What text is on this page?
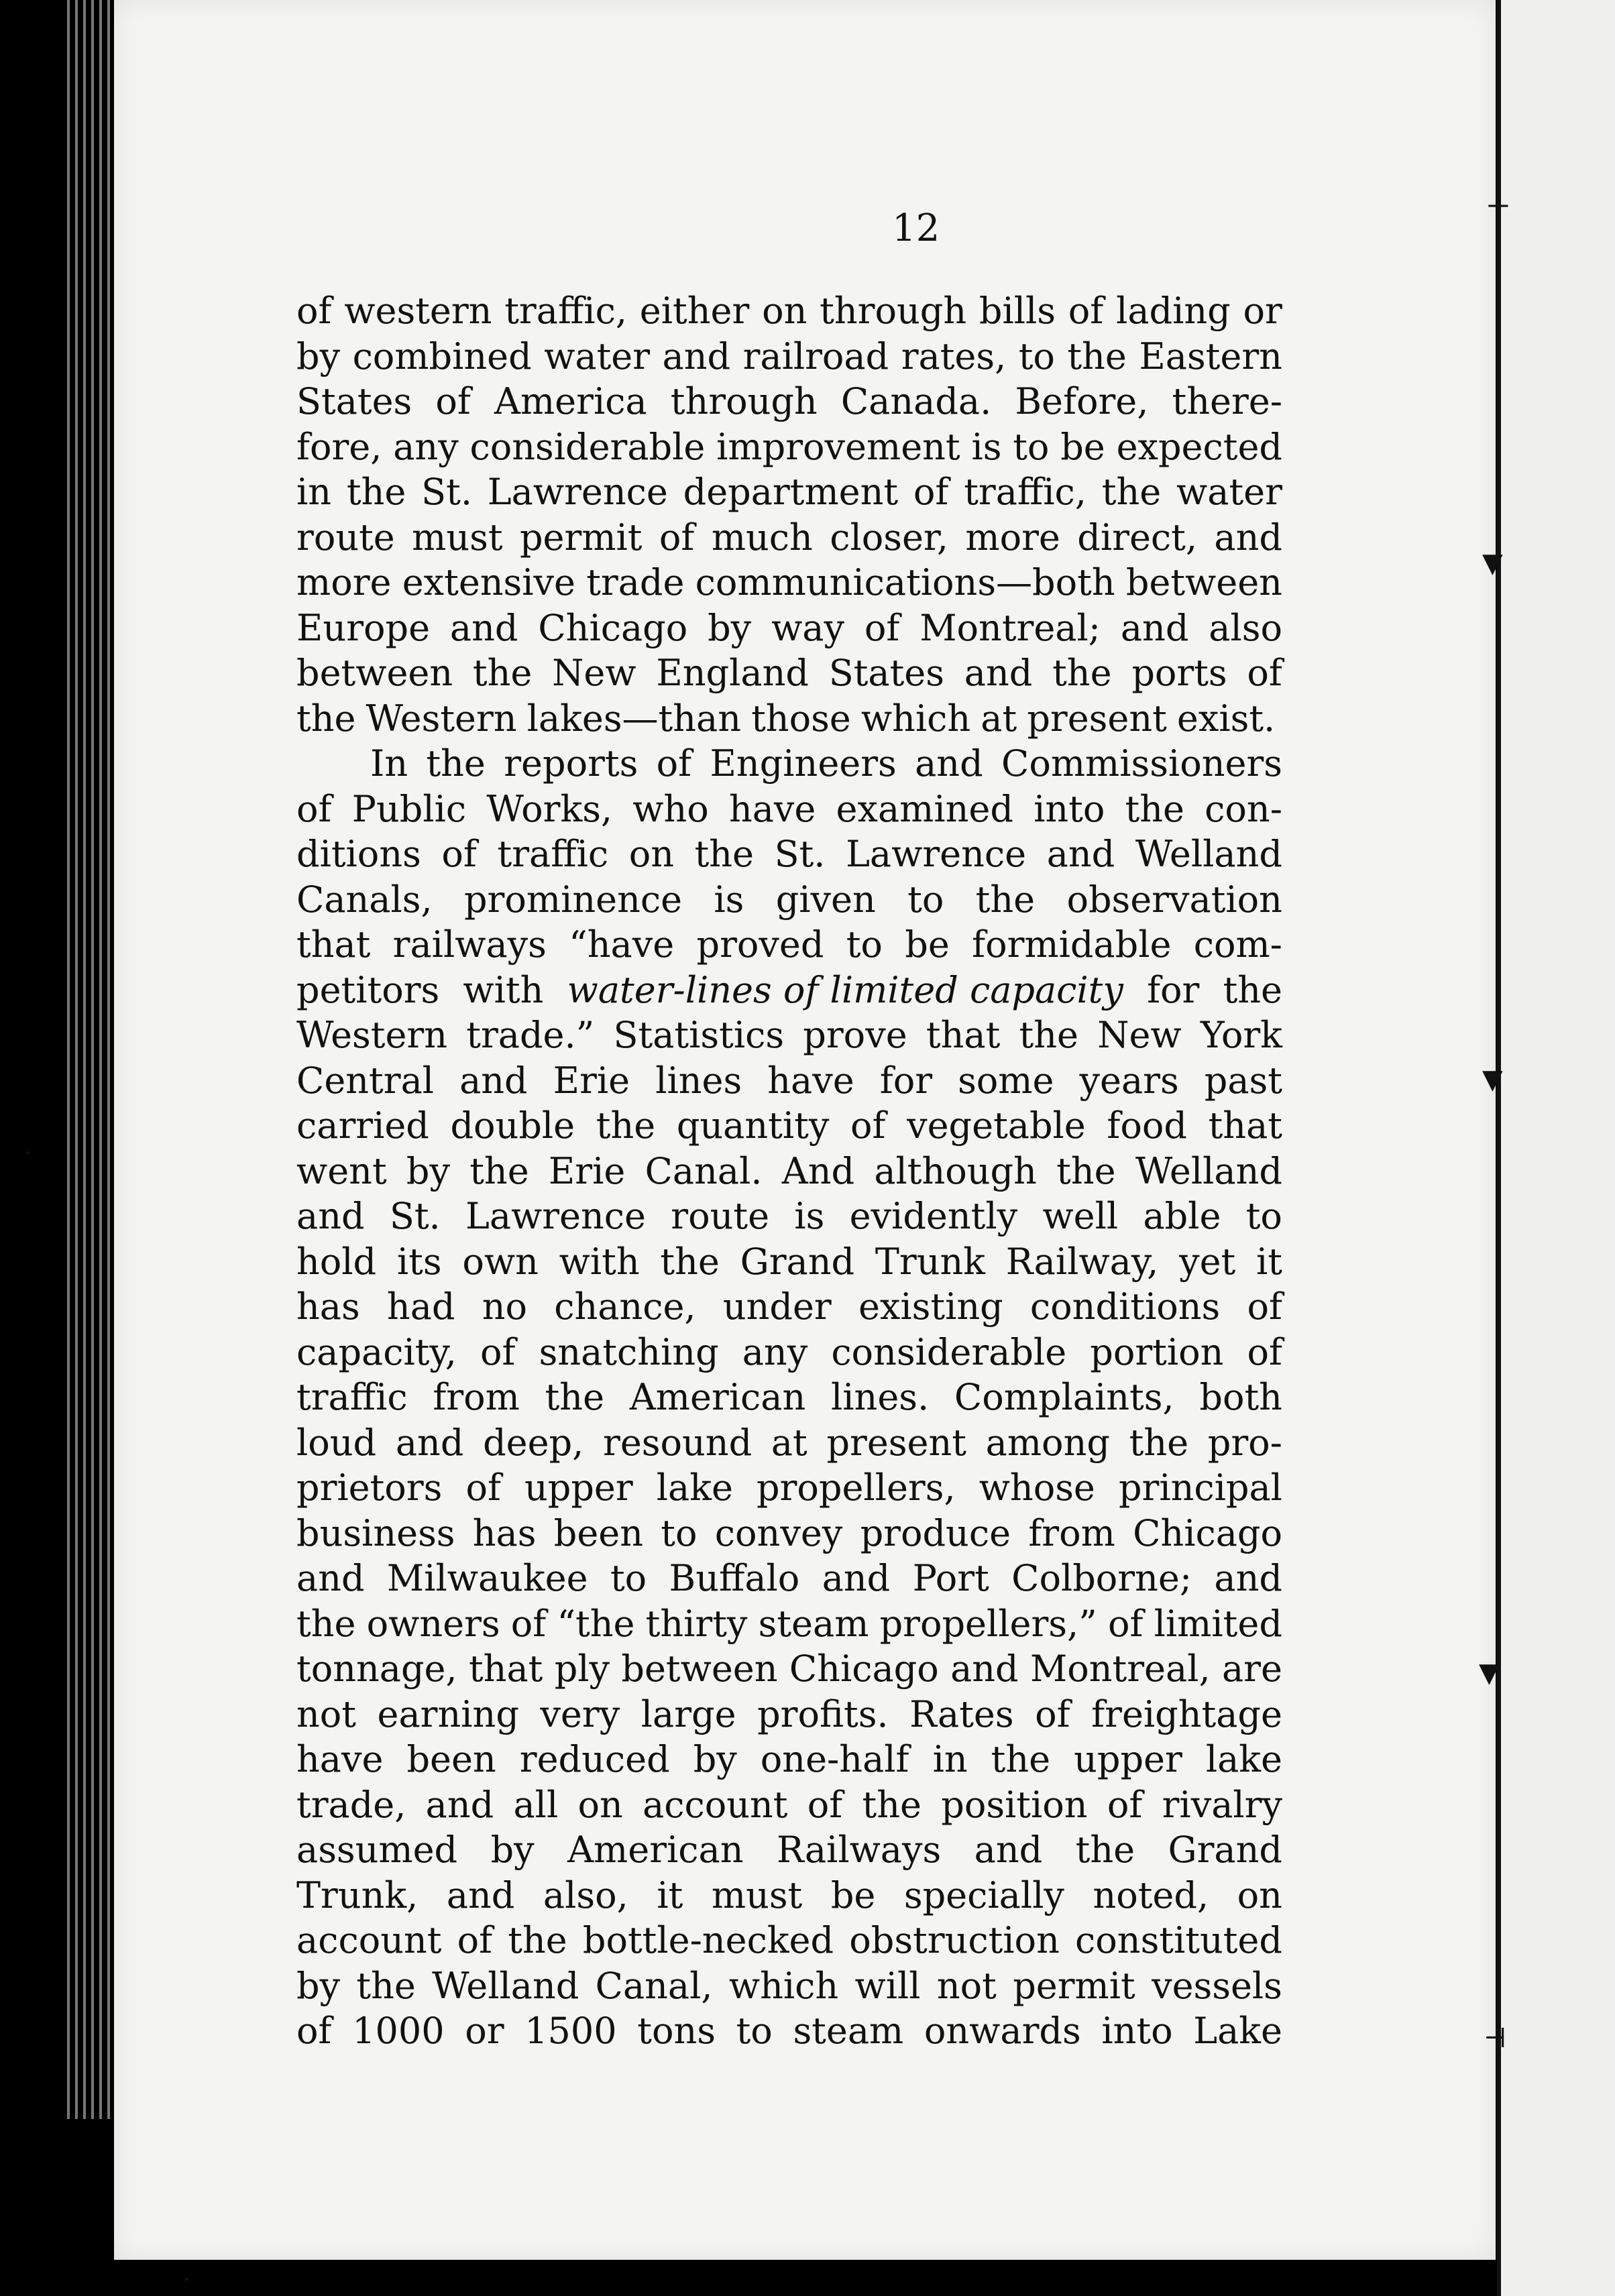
12	⊤
▼
▼
▼
⊣
·
·
of western traffic, either on through bills of lading or
by combined water and railroad rates, to the Eastern
States of America through Canada. Before, there-
fore, any considerable improvement is to be expected
in the St. Lawrence department of traffic, the water
route must permit of much closer, more direct, and
more extensive trade communications—both between
Europe and Chicago by way of Montreal; and also
between the New England States and the ports of
the Western lakes—than those which at present exist.
In the reports of Engineers and Commissioners
of Public Works, who have examined into the con-
ditions of traffic on the St. Lawrence and Welland
Canals, prominence is given to the observation
that railways “have proved to be formidable com-
petitors with water-lines of limited capacity for the
Western trade.” Statistics prove that the New York
Central and Erie lines have for some years past
carried double the quantity of vegetable food that
went by the Erie Canal. And although the Welland
and St. Lawrence route is evidently well able to
hold its own with the Grand Trunk Railway, yet it
has had no chance, under existing conditions of
capacity, of snatching any considerable portion of
traffic from the American lines. Complaints, both
loud and deep, resound at present among the pro-
prietors of upper lake propellers, whose principal
business has been to convey produce from Chicago
and Milwaukee to Buffalo and Port Colborne; and
the owners of “the thirty steam propellers,” of limited
tonnage, that ply between Chicago and Montreal, are
not earning very large profits. Rates of freightage
have been reduced by one-half in the upper lake
trade, and all on account of the position of rivalry
assumed by American Railways and the Grand
Trunk, and also, it must be specially noted, on
account of the bottle-necked obstruction constituted
by the Welland Canal, which will not permit vessels
of 1000 or 1500 tons to steam onwards into Lake
